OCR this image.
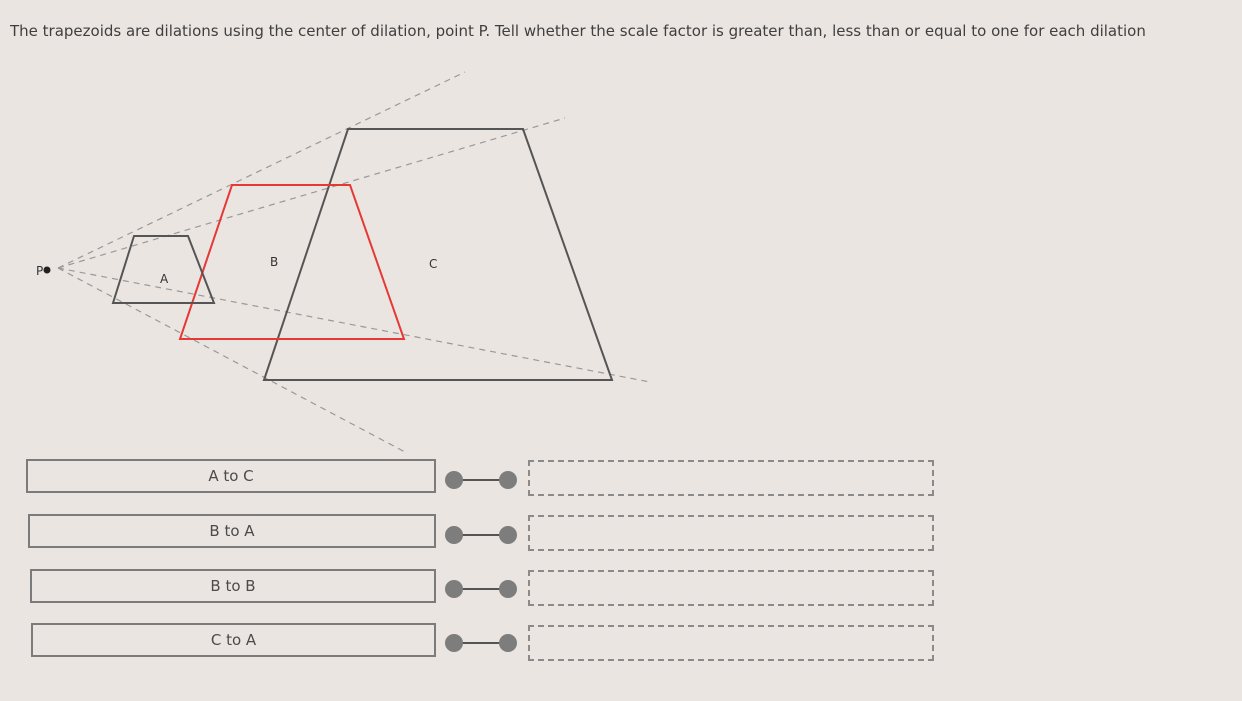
The trapezoids are dilations using the center of dilation, point P. Tell whether the scale factor is greater than, less than or equal to one for each dilation
P
A
B	C
A to C
B to A
B to B
C to A
